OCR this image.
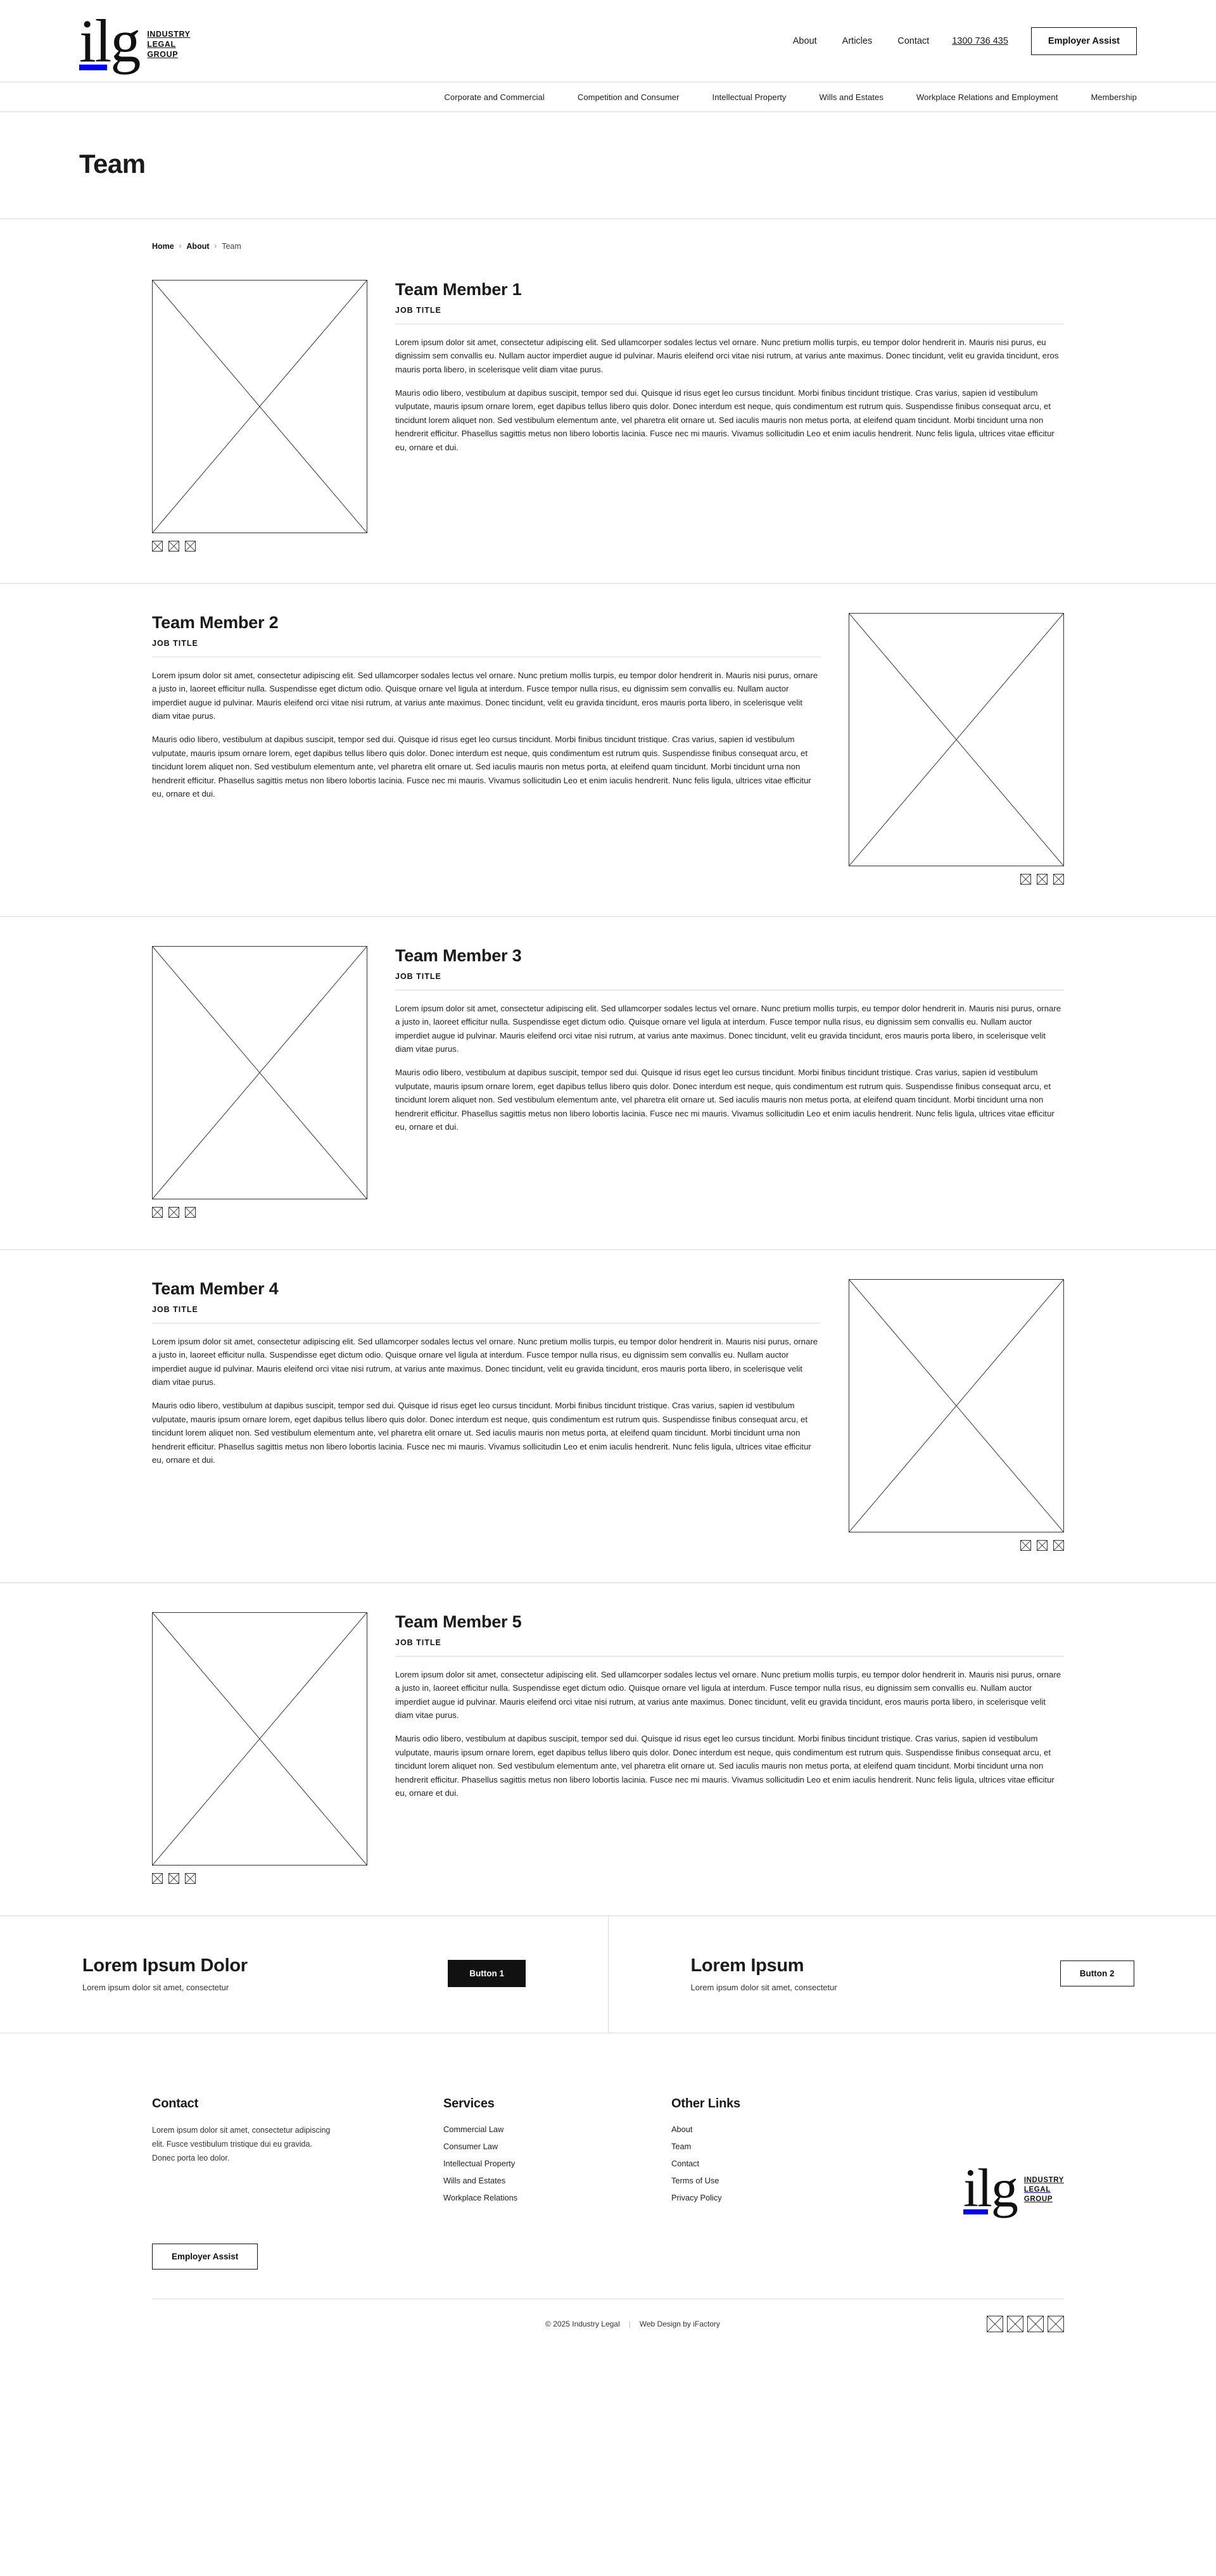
ilg INDUSTRY
LEGAL
GROUP
About	Articles	Contact 1300 736 435	Employer Assist
Corporate and Commercial	Competition and Consumer	Intellectual Property	Wills and Estates	Workplace Relations and Employment	Membership
Team
Home › About › Team
Team Member 1
JOB TITLE

Lorem ipsum dolor sit amet, consectetur adipiscing elit. Sed ullamcorper sodales lectus vel ornare. Nunc pretium mollis turpis, eu tempor dolor hendrerit in. Mauris nisi purus, eu dignissim sem convallis eu. Nullam auctor imperdiet augue id pulvinar. Mauris eleifend orci vitae nisi rutrum, at varius ante maximus. Donec tincidunt, velit eu gravida tincidunt, eros mauris porta libero, in scelerisque velit diam vitae purus.

Mauris odio libero, vestibulum at dapibus suscipit, tempor sed dui. Quisque id risus eget leo cursus tincidunt. Morbi finibus tincidunt tristique. Cras varius, sapien id vestibulum vulputate, mauris ipsum ornare lorem, eget dapibus tellus libero quis dolor. Donec interdum est neque, quis condimentum est rutrum quis. Suspendisse finibus consequat arcu, et tincidunt lorem aliquet non. Sed vestibulum elementum ante, vel pharetra elit ornare ut. Sed iaculis mauris non metus porta, at eleifend quam tincidunt. Morbi tincidunt urna non hendrerit efficitur. Phasellus sagittis metus non libero lobortis lacinia. Fusce nec mi mauris. Vivamus sollicitudin Leo et enim iaculis hendrerit. Nunc felis ligula, ultrices vitae efficitur eu, ornare et dui.

Team Member 2
JOB TITLE

Lorem ipsum dolor sit amet, consectetur adipiscing elit. Sed ullamcorper sodales lectus vel ornare. Nunc pretium mollis turpis, eu tempor dolor hendrerit in. Mauris nisi purus, ornare a justo in, laoreet efficitur nulla. Suspendisse eget dictum odio. Quisque ornare vel ligula at interdum. Fusce tempor nulla risus, eu dignissim sem convallis eu. Nullam auctor imperdiet augue id pulvinar. Mauris eleifend orci vitae nisi rutrum, at varius ante maximus. Donec tincidunt, velit eu gravida tincidunt, eros mauris porta libero, in scelerisque velit diam vitae purus.

Mauris odio libero, vestibulum at dapibus suscipit, tempor sed dui. Quisque id risus eget leo cursus tincidunt. Morbi finibus tincidunt tristique. Cras varius, sapien id vestibulum vulputate, mauris ipsum ornare lorem, eget dapibus tellus libero quis dolor. Donec interdum est neque, quis condimentum est rutrum quis. Suspendisse finibus consequat arcu, et tincidunt lorem aliquet non. Sed vestibulum elementum ante, vel pharetra elit ornare ut. Sed iaculis mauris non metus porta, at eleifend quam tincidunt. Morbi tincidunt urna non hendrerit efficitur. Phasellus sagittis metus non libero lobortis lacinia. Fusce nec mi mauris. Vivamus sollicitudin Leo et enim iaculis hendrerit. Nunc felis ligula, ultrices vitae efficitur eu, ornare et dui.

Team Member 3
JOB TITLE

Lorem ipsum dolor sit amet, consectetur adipiscing elit. Sed ullamcorper sodales lectus vel ornare. Nunc pretium mollis turpis, eu tempor dolor hendrerit in. Mauris nisi purus, ornare a justo in, laoreet efficitur nulla. Suspendisse eget dictum odio. Quisque ornare vel ligula at interdum. Fusce tempor nulla risus, eu dignissim sem convallis eu. Nullam auctor imperdiet augue id pulvinar. Mauris eleifend orci vitae nisi rutrum, at varius ante maximus. Donec tincidunt, velit eu gravida tincidunt, eros mauris porta libero, in scelerisque velit diam vitae purus.

Mauris odio libero, vestibulum at dapibus suscipit, tempor sed dui. Quisque id risus eget leo cursus tincidunt. Morbi finibus tincidunt tristique. Cras varius, sapien id vestibulum vulputate, mauris ipsum ornare lorem, eget dapibus tellus libero quis dolor. Donec interdum est neque, quis condimentum est rutrum quis. Suspendisse finibus consequat arcu, et tincidunt lorem aliquet non. Sed vestibulum elementum ante, vel pharetra elit ornare ut. Sed iaculis mauris non metus porta, at eleifend quam tincidunt. Morbi tincidunt urna non hendrerit efficitur. Phasellus sagittis metus non libero lobortis lacinia. Fusce nec mi mauris. Vivamus sollicitudin Leo et enim iaculis hendrerit. Nunc felis ligula, ultrices vitae efficitur eu, ornare et dui.

Team Member 4
JOB TITLE

Lorem ipsum dolor sit amet, consectetur adipiscing elit. Sed ullamcorper sodales lectus vel ornare. Nunc pretium mollis turpis, eu tempor dolor hendrerit in. Mauris nisi purus, ornare a justo in, laoreet efficitur nulla. Suspendisse eget dictum odio. Quisque ornare vel ligula at interdum. Fusce tempor nulla risus, eu dignissim sem convallis eu. Nullam auctor imperdiet augue id pulvinar. Mauris eleifend orci vitae nisi rutrum, at varius ante maximus. Donec tincidunt, velit eu gravida tincidunt, eros mauris porta libero, in scelerisque velit diam vitae purus.

Mauris odio libero, vestibulum at dapibus suscipit, tempor sed dui. Quisque id risus eget leo cursus tincidunt. Morbi finibus tincidunt tristique. Cras varius, sapien id vestibulum vulputate, mauris ipsum ornare lorem, eget dapibus tellus libero quis dolor. Donec interdum est neque, quis condimentum est rutrum quis. Suspendisse finibus consequat arcu, et tincidunt lorem aliquet non. Sed vestibulum elementum ante, vel pharetra elit ornare ut. Sed iaculis mauris non metus porta, at eleifend quam tincidunt. Morbi tincidunt urna non hendrerit efficitur. Phasellus sagittis metus non libero lobortis lacinia. Fusce nec mi mauris. Vivamus sollicitudin Leo et enim iaculis hendrerit. Nunc felis ligula, ultrices vitae efficitur eu, ornare et dui.

Team Member 5
JOB TITLE

Lorem ipsum dolor sit amet, consectetur adipiscing elit. Sed ullamcorper sodales lectus vel ornare. Nunc pretium mollis turpis, eu tempor dolor hendrerit in. Mauris nisi purus, ornare a justo in, laoreet efficitur nulla. Suspendisse eget dictum odio. Quisque ornare vel ligula at interdum. Fusce tempor nulla risus, eu dignissim sem convallis eu. Nullam auctor imperdiet augue id pulvinar. Mauris eleifend orci vitae nisi rutrum, at varius ante maximus. Donec tincidunt, velit eu gravida tincidunt, eros mauris porta libero, in scelerisque velit diam vitae purus.

Mauris odio libero, vestibulum at dapibus suscipit, tempor sed dui. Quisque id risus eget leo cursus tincidunt. Morbi finibus tincidunt tristique. Cras varius, sapien id vestibulum vulputate, mauris ipsum ornare lorem, eget dapibus tellus libero quis dolor. Donec interdum est neque, quis condimentum est rutrum quis. Suspendisse finibus consequat arcu, et tincidunt lorem aliquet non. Sed vestibulum elementum ante, vel pharetra elit ornare ut. Sed iaculis mauris non metus porta, at eleifend quam tincidunt. Morbi tincidunt urna non hendrerit efficitur. Phasellus sagittis metus non libero lobortis lacinia. Fusce nec mi mauris. Vivamus sollicitudin Leo et enim iaculis hendrerit. Nunc felis ligula, ultrices vitae efficitur eu, ornare et dui.

Lorem Ipsum Dolor

Lorem ipsum dolor sit amet, consectetur

Button 1	Lorem Ipsum

Lorem ipsum dolor sit amet, consectetur

Button 2
Contact

Lorem ipsum dolor sit amet, consectetur adipiscing elit. Fusce vestibulum tristique dui eu gravida. Donec porta leo dolor.

Services
Commercial Law
Consumer Law
Intellectual Property
Wills and Estates
Workplace Relations
Other Links
About
Team
Contact
Terms of Use
Privacy Policy	ilg INDUSTRY
LEGAL
GROUP
Employer Assist
© 2025 Industry Legal | Web Design by iFactory
